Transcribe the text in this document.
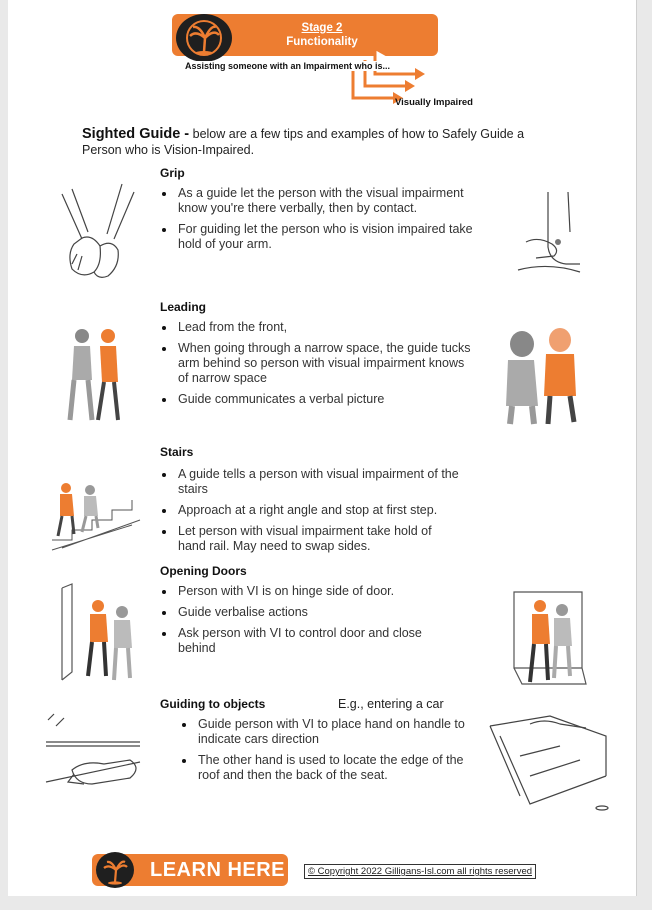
Stage 2
Functionality
Assisting someone with an Impairment who is...
Visually Impaired
Sighted Guide - below are a few tips and examples of how to Safely Guide a Person who is Vision-Impaired.
Grip
As a guide let the person with the visual impairment know you're there verbally, then by contact.
For guiding let the person who is vision impaired take hold of your arm.
Leading
Lead from the front,
When going through a narrow space, the guide tucks arm behind so person with visual impairment knows of narrow space
Guide communicates a verbal picture
Stairs
A guide tells a person with visual impairment of the stairs
Approach at a right angle and stop at first step.
Let person with visual impairment take hold of hand rail. May need to swap sides.
Opening Doors
Person with VI is on hinge side of door.
Guide verbalise actions
Ask person with VI to control door and close behind
Guiding to objects	E.g., entering a car
Guide person with VI to place hand on handle to indicate cars direction
The other hand is used to locate the edge of the roof and then the back of the seat.
LEARN HERE	© Copyright 2022 Gilligans-Isl.com all rights reserved
